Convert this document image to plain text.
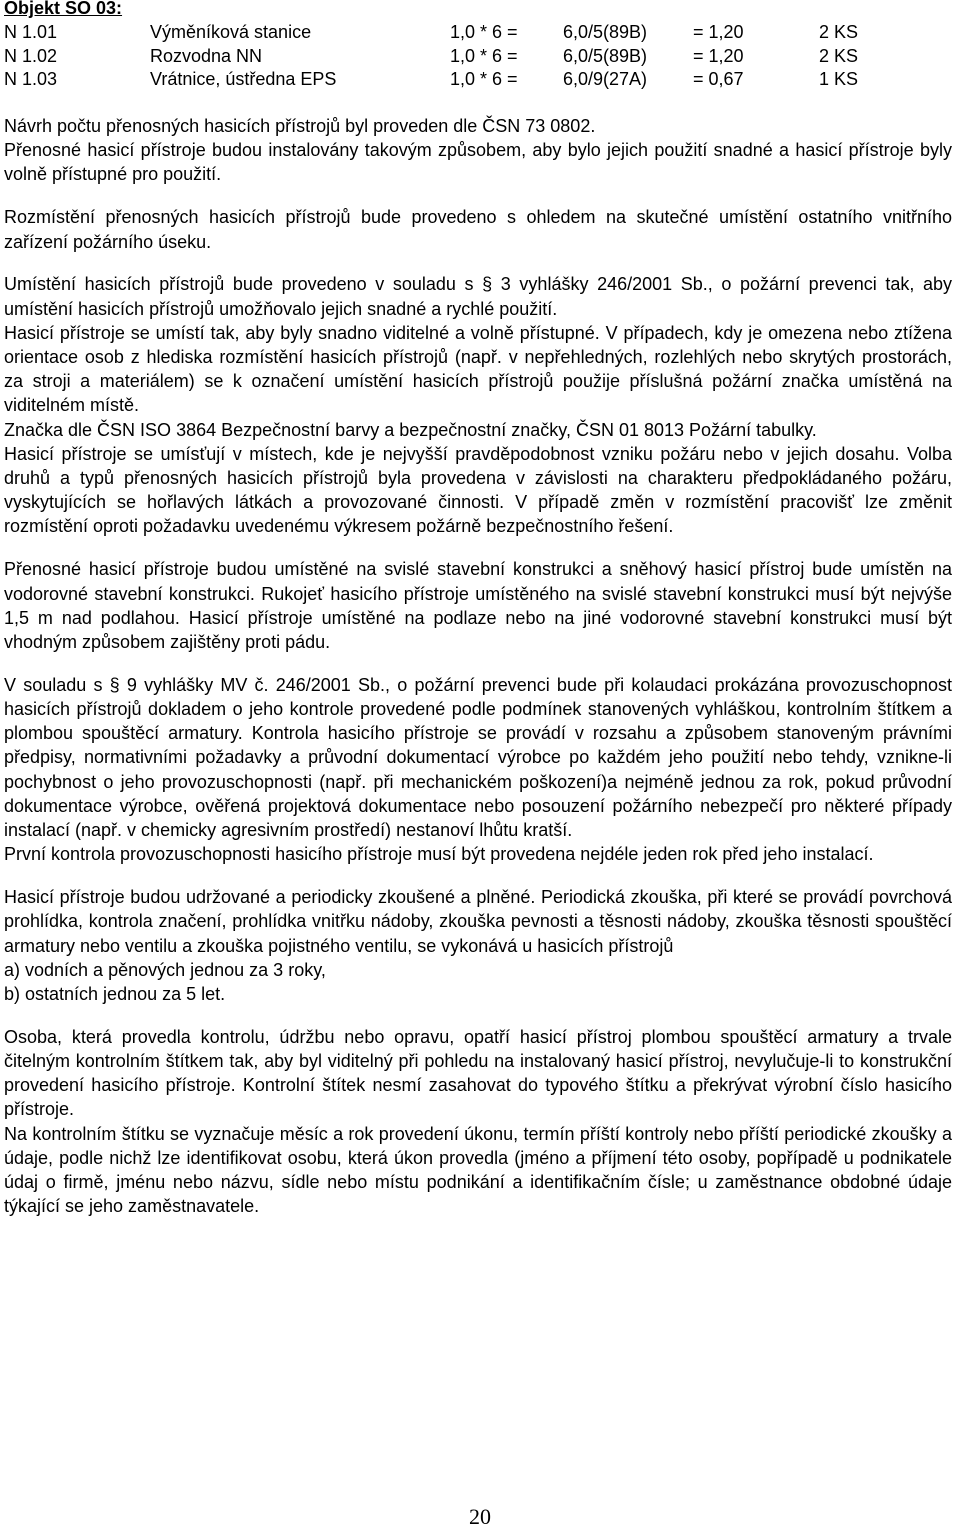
Objekt SO 03:
N 1.01	Výměníková stanice	1,0 * 6 =	6,0/5(89B)	= 1,20	2 KS
N 1.02	Rozvodna NN	1,0 * 6 =	6,0/5(89B)	= 1,20	2 KS
N 1.03	Vrátnice, ústředna EPS	1,0 * 6 =	6,0/9(27A)	= 0,67	1 KS

Návrh počtu přenosných hasicích přístrojů byl proveden dle ČSN 73 0802.

Přenosné hasicí přístroje budou instalovány takovým způsobem, aby bylo jejich použití snadné a hasicí přístroje byly volně přístupné pro použití.

Rozmístění přenosných hasicích přístrojů bude provedeno s ohledem na skutečné umístění ostatního vnitřního zařízení požárního úseku.

Umístění hasicích přístrojů bude provedeno v souladu s § 3 vyhlášky 246/2001 Sb., o požární prevenci tak, aby umístění hasicích přístrojů umožňovalo jejich snadné a rychlé použití.

Hasicí přístroje se umístí tak, aby byly snadno viditelné a volně přístupné. V případech, kdy je omezena nebo ztížena orientace osob z hlediska rozmístění hasicích přístrojů (např. v nepřehledných, rozlehlých nebo skrytých prostorách, za stroji a materiálem) se k označení umístění hasicích přístrojů použije příslušná požární značka umístěná na viditelném místě.

Značka dle ČSN ISO 3864 Bezpečnostní barvy a bezpečnostní značky, ČSN 01 8013 Požární tabulky.

Hasicí přístroje se umísťují v místech, kde je nejvyšší pravděpodobnost vzniku požáru nebo v jejich dosahu. Volba druhů a typů přenosných hasicích přístrojů byla provedena v závislosti na charakteru předpokládaného požáru, vyskytujících se hořlavých látkách a provozované činnosti. V případě změn v rozmístění pracovišť lze změnit rozmístění oproti požadavku uvedenému výkresem požárně bezpečnostního řešení.

Přenosné hasicí přístroje budou umístěné na svislé stavební konstrukci a sněhový hasicí přístroj bude umístěn na vodorovné stavební konstrukci. Rukojeť hasicího přístroje umístěného na svislé stavební konstrukci musí být nejvýše 1,5 m nad podlahou. Hasicí přístroje umístěné na podlaze nebo na jiné vodorovné stavební konstrukci musí být vhodným způsobem zajištěny proti pádu.

V souladu s § 9 vyhlášky MV č. 246/2001 Sb., o požární prevenci bude při kolaudaci prokázána provozuschopnost hasicích přístrojů dokladem o jeho kontrole provedené podle podmínek stanovených vyhláškou, kontrolním štítkem a plombou spouštěcí armatury. Kontrola hasicího přístroje se provádí v rozsahu a způsobem stanoveným právními předpisy, normativními požadavky a průvodní dokumentací výrobce po každém jeho použití nebo tehdy, vznikne-li pochybnost o jeho provozuschopnosti (např. při mechanickém poškození)a nejméně jednou za rok, pokud průvodní dokumentace výrobce, ověřená projektová dokumentace nebo posouzení požárního nebezpečí pro některé případy instalací (např. v chemicky agresivním prostředí) nestanoví lhůtu kratší.

První kontrola provozuschopnosti hasicího přístroje musí být provedena nejdéle jeden rok před jeho instalací.

Hasicí přístroje budou udržované a periodicky zkoušené a plněné. Periodická zkouška, při které se provádí povrchová prohlídka, kontrola značení, prohlídka vnitřku nádoby, zkouška pevnosti a těsnosti nádoby, zkouška těsnosti spouštěcí armatury nebo ventilu a zkouška pojistného ventilu, se vykonává u hasicích přístrojů

a) vodních a pěnových jednou za 3 roky,

b) ostatních jednou za 5 let.

Osoba, která provedla kontrolu, údržbu nebo opravu, opatří hasicí přístroj plombou spouštěcí armatury a trvale čitelným kontrolním štítkem tak, aby byl viditelný při pohledu na instalovaný hasicí přístroj, nevylučuje-li to konstrukční provedení hasicího přístroje. Kontrolní štítek nesmí zasahovat do typového štítku a překrývat výrobní číslo hasicího přístroje.

Na kontrolním štítku se vyznačuje měsíc a rok provedení úkonu, termín příští kontroly nebo příští periodické zkoušky a údaje, podle nichž lze identifikovat osobu, která úkon provedla (jméno a příjmení této osoby, popřípadě u podnikatele údaj o firmě, jménu nebo názvu, sídle nebo místu podnikání a identifikačním čísle; u zaměstnance obdobné údaje týkající se jeho zaměstnavatele.

20
